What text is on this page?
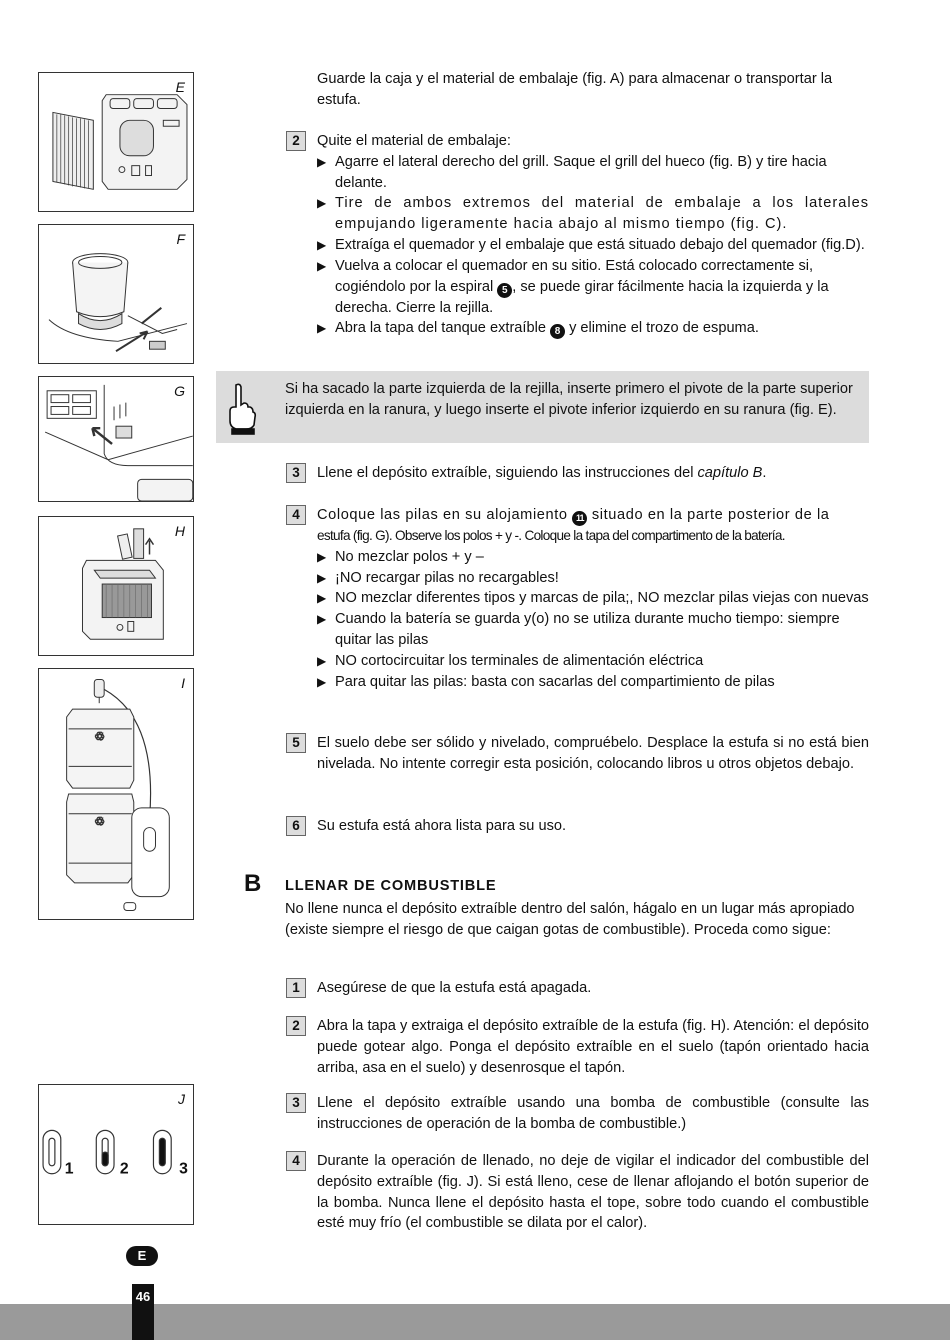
E
F
G
H
♲
♲
I
J
1	2	3
Guarde la caja y el material de embalaje (fig. A) para almacenar o transportar la estufa.
2	Quite el material de embalaje:
▶ Agarre el lateral derecho del grill. Saque el grill del hueco (fig. B) y tire hacia delante.
▶ Tire de ambos extremos del material de embalaje a los laterales empujando ligeramente hacia abajo al mismo tiempo (fig. C).
▶ Extraíga el quemador y el embalaje que está situado debajo del quemador (fig.D).
▶ Vuelva a colocar el quemador en su sitio. Está colocado correctamente si, cogiéndolo por la espiral 5 , se puede girar fácilmente hacia la izquierda y la derecha. Cierre la rejilla.
▶ Abra la tapa del tanque extraíble 8 y elimine el trozo de espuma.
Si ha sacado la parte izquierda de la rejilla, inserte primero el pivote de la parte superior izquierda en la ranura, y luego inserte el pivote inferior izquierdo en su ranura (fig. E).
3	Llene el depósito extraíble, siguiendo las instrucciones del capítulo B.
4	Coloque las pilas en su alojamiento 11 situado en la parte posterior de la
estufa (fig. G). Observe los polos + y -. Coloque la tapa del compartimento de la batería.
▶ No mezclar polos + y –
▶ ¡NO recargar pilas no recargables!
▶ NO mezclar diferentes tipos y marcas de pila;, NO mezclar pilas viejas con nuevas
▶ Cuando la batería se guarda y(o) no se utiliza durante mucho tiempo: siempre quitar las pilas
▶ NO cortocircuitar los terminales de alimentación eléctrica
▶ Para quitar las pilas: basta con sacarlas del compartimiento de pilas
5	El suelo debe ser sólido y nivelado, compruébelo. Desplace la estufa si no está bien nivelada. No intente corregir esta posición, colocando libros u otros objetos debajo.
6	Su estufa está ahora lista para su uso.
B LLENAR DE COMBUSTIBLE
No llene nunca el depósito extraíble dentro del salón, hágalo en un lugar más apropiado (existe siempre el riesgo de que caigan gotas de combustible). Proceda como sigue:
1	Asegúrese de que la estufa está apagada.
2	Abra la tapa y extraiga el depósito extraíble de la estufa (fig. H). Atención: el depósito puede gotear algo. Ponga el depósito extraíble en el suelo (tapón orientado hacia arriba, asa en el suelo) y desenrosque el tapón.
3	Llene el depósito extraíble usando una bomba de combustible (consulte las instrucciones de operación de la bomba de combustible.)
4	Durante la operación de llenado, no deje de vigilar el indicador del combustible del depósito extraíble (fig. J). Si está lleno, cese de llenar aflojando el botón superior de la bomba. Nunca llene el depósito hasta el tope, sobre todo cuando el combustible esté muy frío (el combustible se dilata por el calor).
E
46
